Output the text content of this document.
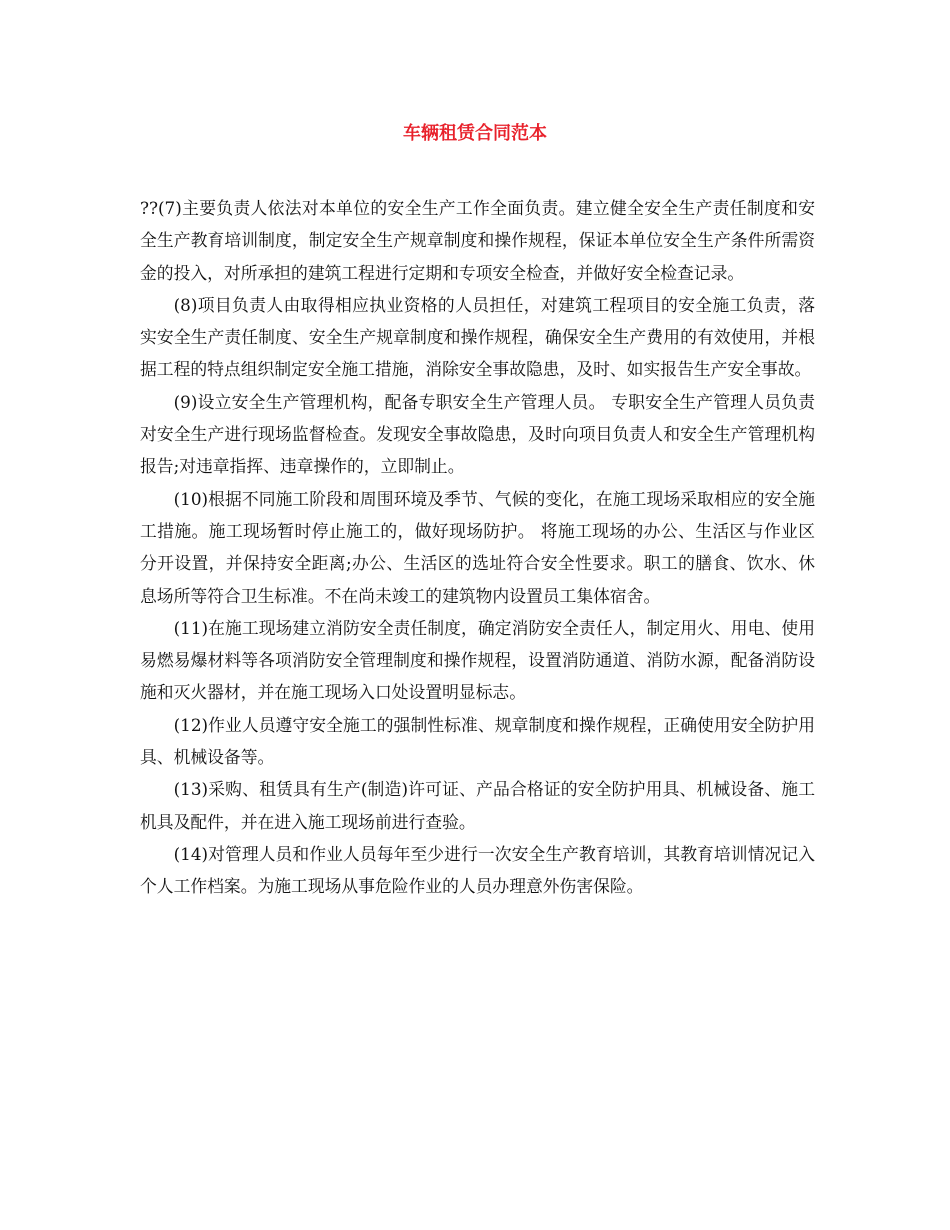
车辆租赁合同范本

??(7)主要负责人依法对本单位的安全生产工作全面负责。建立健全安全生产责任制度和安全生产教育培训制度，制定安全生产规章制度和操作规程，保证本单位安全生产条件所需资金的投入，对所承担的建筑工程进行定期和专项安全检查，并做好安全检查记录。

(8)项目负责人由取得相应执业资格的人员担任，对建筑工程项目的安全施工负责，落实安全生产责任制度、安全生产规章制度和操作规程，确保安全生产费用的有效使用，并根据工程的特点组织制定安全施工措施，消除安全事故隐患，及时、如实报告生产安全事故。

(9)设立安全生产管理机构，配备专职安全生产管理人员。 专职安全生产管理人员负责对安全生产进行现场监督检查。发现安全事故隐患，及时向项目负责人和安全生产管理机构报告;对违章指挥、违章操作的，立即制止。

(10)根据不同施工阶段和周围环境及季节、气候的变化，在施工现场采取相应的安全施工措施。施工现场暂时停止施工的，做好现场防护。 将施工现场的办公、生活区与作业区分开设置，并保持安全距离;办公、生活区的选址符合安全性要求。职工的膳食、饮水、休息场所等符合卫生标准。不在尚未竣工的建筑物内设置员工集体宿舍。

(11)在施工现场建立消防安全责任制度，确定消防安全责任人，制定用火、用电、使用易燃易爆材料等各项消防安全管理制度和操作规程，设置消防通道、消防水源，配备消防设施和灭火器材，并在施工现场入口处设置明显标志。

(12)作业人员遵守安全施工的强制性标准、规章制度和操作规程，正确使用安全防护用具、机械设备等。

(13)采购、租赁具有生产(制造)许可证、产品合格证的安全防护用具、机械设备、施工机具及配件，并在进入施工现场前进行查验。

(14)对管理人员和作业人员每年至少进行一次安全生产教育培训，其教育培训情况记入个人工作档案。为施工现场从事危险作业的人员办理意外伤害保险。
